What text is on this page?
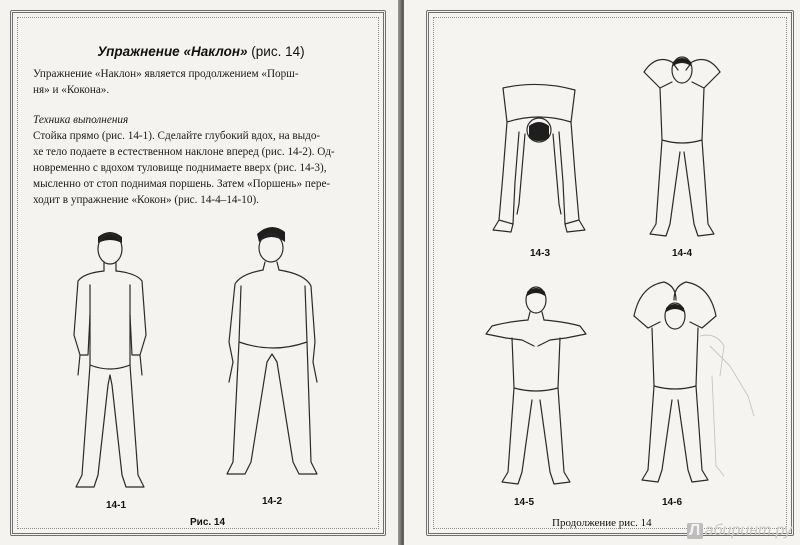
Упражнение «Наклон» (рис. 14)
Упражнение «Наклон» является продолжением «Порш-
ня» и «Кокона».
Техника выполнения
Стойка прямо (рис. 14-1). Сделайте глубокий вдох, на выдо-
хе тело подаете в естественном наклоне вперед (рис. 14-2). Од-
новременно с вдохом туловище поднимаете вверх (рис. 14-3),
мысленно от стоп поднимая поршень. Затем «Поршень» пере-
ходит в упражнение «Кокон» (рис. 14-4–14-10).
14-1	14-2
Рис. 14
14-3	14-4
14-5	14-6
Продолжение рис. 14 Л абиринт.ру
